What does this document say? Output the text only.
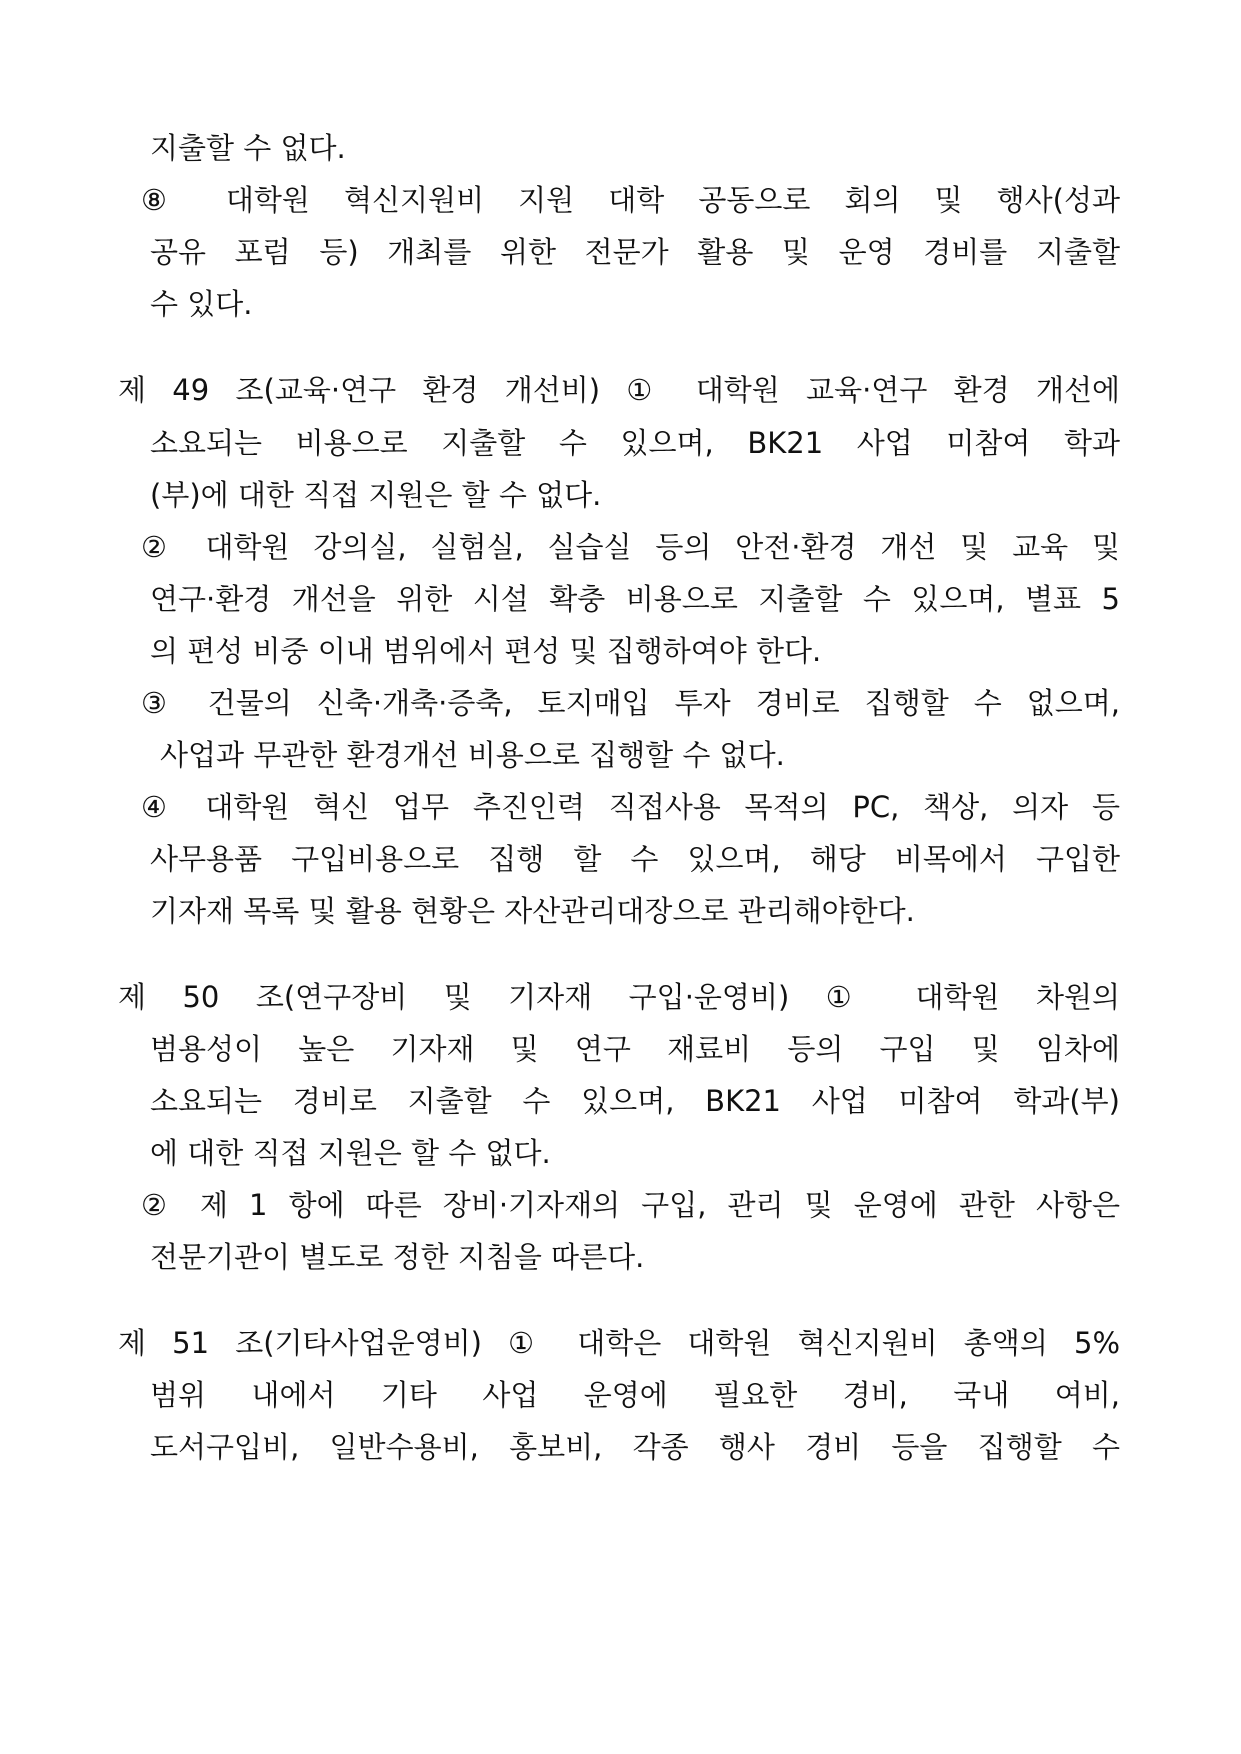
지출할 수 없다.
⑧ 대학원 혁신지원비 지원 대학 공동으로 회의 및 행사(성과
공유 포럼 등) 개최를 위한 전문가 활용 및 운영 경비를 지출할
수 있다.
제 49 조(교육·연구 환경 개선비) ① 대학원 교육·연구 환경 개선에
소요되는 비용으로 지출할 수 있으며, BK21 사업 미참여 학과
(부)에 대한 직접 지원은 할 수 없다.
② 대학원 강의실, 실험실, 실습실 등의 안전·환경 개선 및 교육 및
연구·환경 개선을 위한 시설 확충 비용으로 지출할 수 있으며, 별표 5
의 편성 비중 이내 범위에서 편성 및 집행하여야 한다.
③ 건물의 신축·개축·증축, 토지매입 투자 경비로 집행할 수 없으며,
사업과 무관한 환경개선 비용으로 집행할 수 없다.
④ 대학원 혁신 업무 추진인력 직접사용 목적의 PC, 책상, 의자 등
사무용품 구입비용으로 집행 할 수 있으며, 해당 비목에서 구입한
기자재 목록 및 활용 현황은 자산관리대장으로 관리해야한다.
제 50 조(연구장비 및 기자재 구입·운영비) ① 대학원 차원의
범용성이 높은 기자재 및 연구 재료비 등의 구입 및 임차에
소요되는 경비로 지출할 수 있으며, BK21 사업 미참여 학과(부)
에 대한 직접 지원은 할 수 없다.
② 제 1 항에 따른 장비·기자재의 구입, 관리 및 운영에 관한 사항은
전문기관이 별도로 정한 지침을 따른다.
제 51 조(기타사업운영비) ① 대학은 대학원 혁신지원비 총액의 5%
범위 내에서 기타 사업 운영에 필요한 경비, 국내 여비,
도서구입비, 일반수용비, 홍보비, 각종 행사 경비 등을 집행할 수
